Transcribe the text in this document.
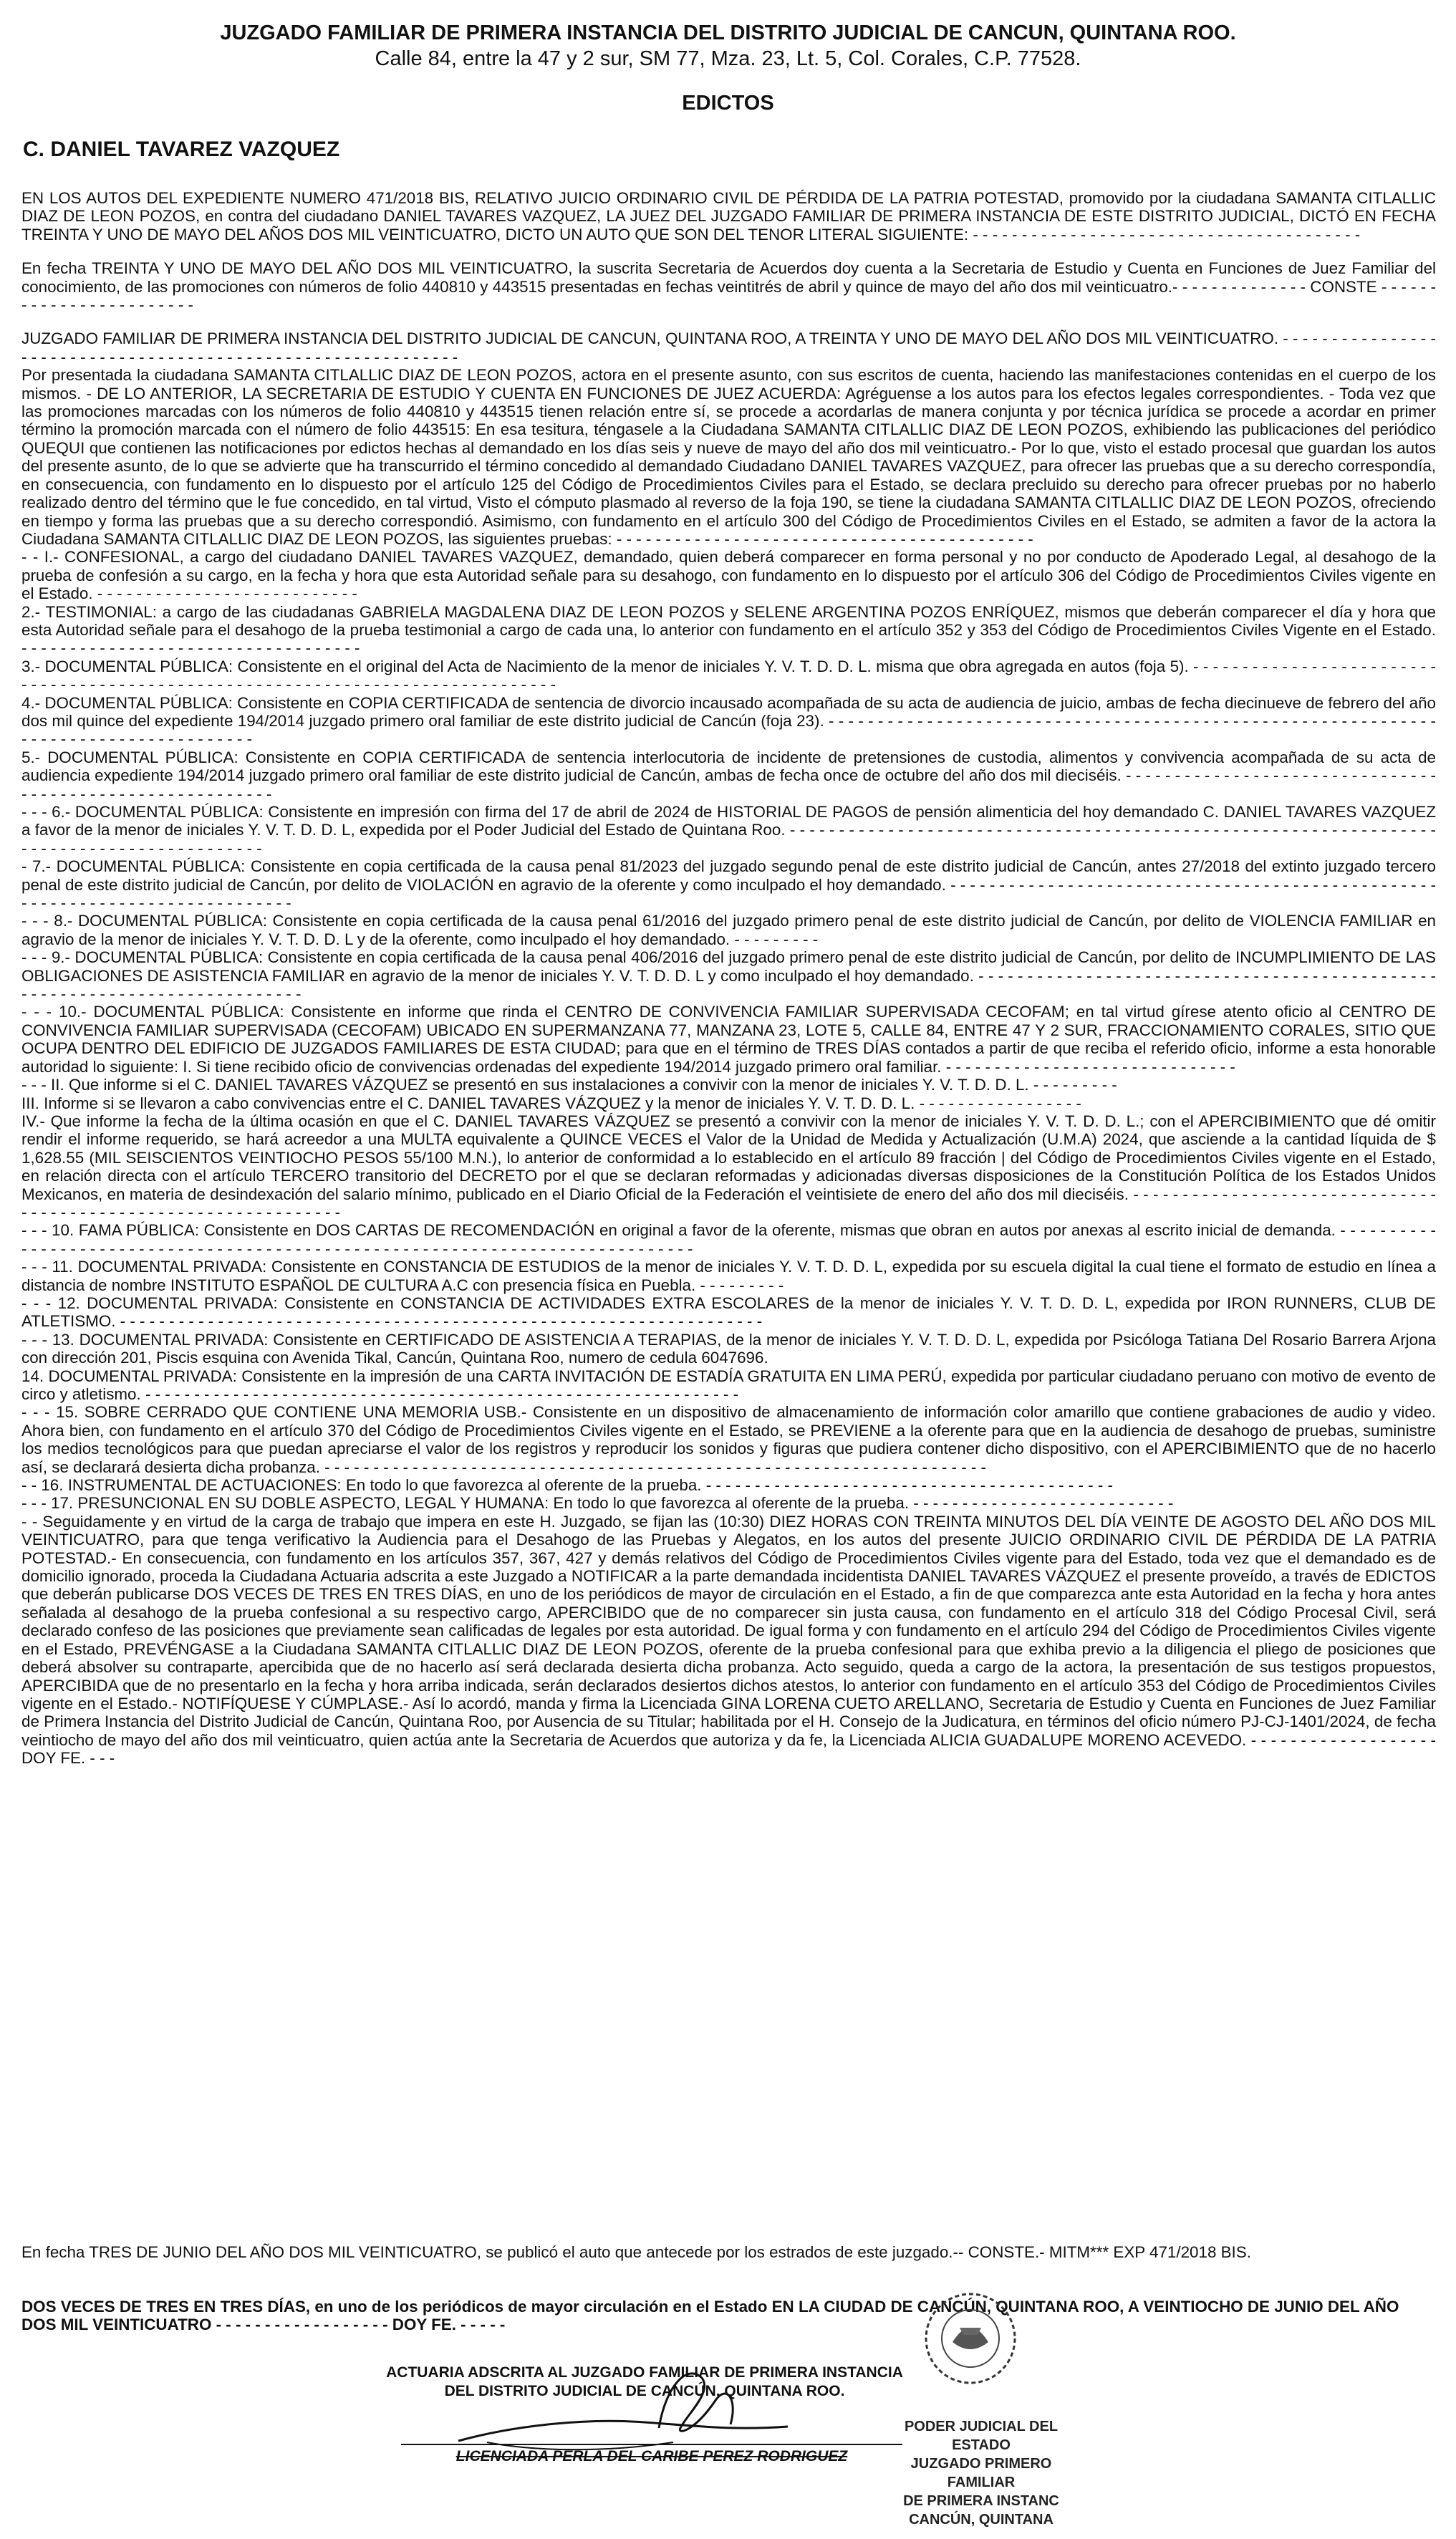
JUZGADO FAMILIAR DE PRIMERA INSTANCIA DEL DISTRITO JUDICIAL DE CANCUN, QUINTANA ROO.
Calle 84, entre la 47 y 2 sur, SM 77, Mza. 23, Lt. 5, Col. Corales, C.P. 77528.
EDICTOS
C. DANIEL TAVAREZ VAZQUEZ

EN LOS AUTOS DEL EXPEDIENTE NUMERO 471/2018 BIS, RELATIVO JUICIO ORDINARIO CIVIL DE PÉRDIDA DE LA PATRIA POTESTAD, promovido por la ciudadana SAMANTA CITLALLIC DIAZ DE LEON POZOS, en contra del ciudadano DANIEL TAVARES VAZQUEZ, LA JUEZ DEL JUZGADO FAMILIAR DE PRIMERA INSTANCIA DE ESTE DISTRITO JUDICIAL, DICTÓ EN FECHA TREINTA Y UNO DE MAYO DEL AÑOS DOS MIL VEINTICUATRO, DICTO UN AUTO QUE SON DEL TENOR LITERAL SIGUIENTE: - - - - - - - - - - - - - - - - - - - - - - - - - - - - - - - - - - - - - - - -

En fecha TREINTA Y UNO DE MAYO DEL AÑO DOS MIL VEINTICUATRO, la suscrita Secretaria de Acuerdos doy cuenta a la Secretaria de Estudio y Cuenta en Funciones de Juez Familiar del conocimiento, de las promociones con números de folio 440810 y 443515 presentadas en fechas veintitrés de abril y quince de mayo del año dos mil veinticuatro.- - - - - - - - - - - - - - CONSTE - - - - - - - - - - - - - - - - - - - - - - - -

JUZGADO FAMILIAR DE PRIMERA INSTANCIA DEL DISTRITO JUDICIAL DE CANCUN, QUINTANA ROO, A TREINTA Y UNO DE MAYO DEL AÑO DOS MIL VEINTICUATRO. - - - - - - - - - - - - - - - - - - - - - - - - - - - - - - - - - - - - - - - - - - - - - - - - - - - - - - - - - - - - -

Por presentada la ciudadana SAMANTA CITLALLIC DIAZ DE LEON POZOS, actora en el presente asunto, con sus escritos de cuenta, haciendo las manifestaciones contenidas en el cuerpo de los mismos. - DE LO ANTERIOR, LA SECRETARIA DE ESTUDIO Y CUENTA EN FUNCIONES DE JUEZ ACUERDA: Agréguense a los autos para los efectos legales correspondientes. - Toda vez que las promociones marcadas con los números de folio 440810 y 443515 tienen relación entre sí, se procede a acordarlas de manera conjunta y por técnica jurídica se procede a acordar en primer término la promoción marcada con el número de folio 443515: En esa tesitura, téngasele a la Ciudadana SAMANTA CITLALLIC DIAZ DE LEON POZOS, exhibiendo las publicaciones del periódico QUEQUI que contienen las notificaciones por edictos hechas al demandado en los días seis y nueve de mayo del año dos mil veinticuatro.- Por lo que, visto el estado procesal que guardan los autos del presente asunto, de lo que se advierte que ha transcurrido el término concedido al demandado Ciudadano DANIEL TAVARES VAZQUEZ, para ofrecer las pruebas que a su derecho correspondía, en consecuencia, con fundamento en lo dispuesto por el artículo 125 del Código de Procedimientos Civiles para el Estado, se declara precluido su derecho para ofrecer pruebas por no haberlo realizado dentro del término que le fue concedido, en tal virtud, Visto el cómputo plasmado al reverso de la foja 190, se tiene la ciudadana SAMANTA CITLALLIC DIAZ DE LEON POZOS, ofreciendo en tiempo y forma las pruebas que a su derecho correspondió. Asimismo, con fundamento en el artículo 300 del Código de Procedimientos Civiles en el Estado, se admiten a favor de la actora la Ciudadana SAMANTA CITLALLIC DIAZ DE LEON POZOS, las siguientes pruebas: - - - - - - - - - - - - - - - - - - - - - - - - - - - - - - - - - - - - - - - - - - -

- - I.- CONFESIONAL, a cargo del ciudadano DANIEL TAVARES VAZQUEZ, demandado, quien deberá comparecer en forma personal y no por conducto de Apoderado Legal, al desahogo de la prueba de confesión a su cargo, en la fecha y hora que esta Autoridad señale para su desahogo, con fundamento en lo dispuesto por el artículo 306 del Código de Procedimientos Civiles vigente en el Estado. - - - - - - - - - - - - - - - - - - - - - - - - - - -

2.- TESTIMONIAL: a cargo de las ciudadanas GABRIELA MAGDALENA DIAZ DE LEON POZOS y SELENE ARGENTINA POZOS ENRÍQUEZ, mismos que deberán comparecer el día y hora que esta Autoridad señale para el desahogo de la prueba testimonial a cargo de cada una, lo anterior con fundamento en el artículo 352 y 353 del Código de Procedimientos Civiles Vigente en el Estado. - - - - - - - - - - - - - - - - - - - - - - - - - - - - - - - - - - -

3.- DOCUMENTAL PÚBLICA: Consistente en el original del Acta de Nacimiento de la menor de iniciales Y. V. T. D. D. L. misma que obra agregada en autos (foja 5). - - - - - - - - - - - - - - - - - - - - - - - - - - - - - - - - - - - - - - - - - - - - - - - - - - - - - - - - - - - - - - - - - - - - - - - - - - - - - - - -

4.- DOCUMENTAL PÚBLICA: Consistente en COPIA CERTIFICADA de sentencia de divorcio incausado acompañada de su acta de audiencia de juicio, ambas de fecha diecinueve de febrero del año dos mil quince del expediente 194/2014 juzgado primero oral familiar de este distrito judicial de Cancún (foja 23). - - - - - - - - - - - - - - - - - - - - - - - - - - - - - - - - - - - - - - - - - - - - - - - - - - - - - - - - - - - - - - - - - - - - - - - - - - - - - - - - - - - - - -

5.- DOCUMENTAL PÚBLICA: Consistente en COPIA CERTIFICADA de sentencia interlocutoria de incidente de pretensiones de custodia, alimentos y convivencia acompañada de su acta de audiencia expediente 194/2014 juzgado primero oral familiar de este distrito judicial de Cancún, ambas de fecha once de octubre del año dos mil dieciséis. - - - - - - - - - - - - - - - - - - - - - - - - - - - - - - - - - - - - - - - - - - - - - - - - - - - - - - - - - -

- - - 6.- DOCUMENTAL PÚBLICA: Consistente en impresión con firma del 17 de abril de 2024 de HISTORIAL DE PAGOS de pensión alimenticia del hoy demandado C. DANIEL TAVARES VAZQUEZ a favor de la menor de iniciales Y. V. T. D. D. L, expedida por el Poder Judicial del Estado de Quintana Roo. - - - - - - - - - - - - - - - - - - - - - - - - - - - - - - - - - - - - - - - - - - - - - - - - - - - - - - - - - - - - - - - - - - - - - - - - - - - - - - - - - - - - - - - - - - -

- 7.- DOCUMENTAL PÚBLICA: Consistente en copia certificada de la causa penal 81/2023 del juzgado segundo penal de este distrito judicial de Cancún, antes 27/2018 del extinto juzgado tercero penal de este distrito judicial de Cancún, por delito de VIOLACIÓN en agravio de la oferente y como inculpado el hoy demandado. - - - - - - - - - - - - - - - - - - - - - - - - - - - - - - - - - - - - - - - - - - - - - - - - - - - - - - - - - - - - - - - - - - - - - - - - - - - - - -

- - - 8.- DOCUMENTAL PÚBLICA: Consistente en copia certificada de la causa penal 61/2016 del juzgado primero penal de este distrito judicial de Cancún, por delito de VIOLENCIA FAMILIAR en agravio de la menor de iniciales Y. V. T. D. D. L y de la oferente, como inculpado el hoy demandado. - - - - - - - - -

- - - 9.- DOCUMENTAL PÚBLICA: Consistente en copia certificada de la causa penal 406/2016 del juzgado primero penal de este distrito judicial de Cancún, por delito de INCUMPLIMIENTO DE LAS OBLIGACIONES DE ASISTENCIA FAMILIAR en agravio de la menor de iniciales Y. V. T. D. D. L y como inculpado el hoy demandado. - - - - - - - - - - - - - - - - - - - - - - - - - - - - - - - - - - - - - - - - - - - - - - - - - - - - - - - - - - - - - - - - - - - - - - - - - - - -

- - - 10.- DOCUMENTAL PÚBLICA: Consistente en informe que rinda el CENTRO DE CONVIVENCIA FAMILIAR SUPERVISADA CECOFAM; en tal virtud gírese atento oficio al CENTRO DE CONVIVENCIA FAMILIAR SUPERVISADA (CECOFAM) UBICADO EN SUPERMANZANA 77, MANZANA 23, LOTE 5, CALLE 84, ENTRE 47 Y 2 SUR, FRACCIONAMIENTO CORALES, SITIO QUE OCUPA DENTRO DEL EDIFICIO DE JUZGADOS FAMILIARES DE ESTA CIUDAD; para que en el término de TRES DÍAS contados a partir de que reciba el referido oficio, informe a esta honorable autoridad lo siguiente: I. Si tiene recibido oficio de convivencias ordenadas del expediente 194/2014 juzgado primero oral familiar. - - - - - - - - - - - - - - - - - - - - - - - - - - - - - -

- - - II. Que informe si el C. DANIEL TAVARES VÁZQUEZ se presentó en sus instalaciones a convivir con la menor de iniciales Y. V. T. D. D. L. - - - - - - - - -

III. Informe si se llevaron a cabo convivencias entre el C. DANIEL TAVARES VÁZQUEZ y la menor de iniciales Y. V. T. D. D. L. - - - - - - - - - - - - - - - - -

IV.- Que informe la fecha de la última ocasión en que el C. DANIEL TAVARES VÁZQUEZ se presentó a convivir con la menor de iniciales Y. V. T. D. D. L.; con el APERCIBIMIENTO que dé omitir rendir el informe requerido, se hará acreedor a una MULTA equivalente a QUINCE VECES el Valor de la Unidad de Medida y Actualización (U.M.A) 2024, que asciende a la cantidad líquida de $ 1,628.55 (MIL SEISCIENTOS VEINTIOCHO PESOS 55/100 M.N.), lo anterior de conformidad a lo establecido en el artículo 89 fracción | del Código de Procedimientos Civiles vigente en el Estado, en relación directa con el artículo TERCERO transitorio del DECRETO por el que se declaran reformadas y adicionadas diversas disposiciones de la Constitución Política de los Estados Unidos Mexicanos, en materia de desindexación del salario mínimo, publicado en el Diario Oficial de la Federación el veintisiete de enero del año dos mil dieciséis. - - - - - - - - - - - - - - - - - - - - - - - - - - - - - - - - - - - - - - - - - - - - - - - - - - - - - - - - - - - - - - - -

- - - 10. FAMA PÚBLICA: Consistente en DOS CARTAS DE RECOMENDACIÓN en original a favor de la oferente, mismas que obran en autos por anexas al escrito inicial de demanda. - - - - - - - - - - - - - - - - - - - - - - - - - - - - - - - - - - - - - - - - - - - - - - - - - - - - - - - - - - - - - - - - - - - - - - - - - - - - - - -

- - - 11. DOCUMENTAL PRIVADA: Consistente en CONSTANCIA DE ESTUDIOS de la menor de iniciales Y. V. T. D. D. L, expedida por su escuela digital la cual tiene el formato de estudio en línea a distancia de nombre INSTITUTO ESPAÑOL DE CULTURA A.C con presencia física en Puebla. - - - - - - - - -

- - - 12. DOCUMENTAL PRIVADA: Consistente en CONSTANCIA DE ACTIVIDADES EXTRA ESCOLARES de la menor de iniciales Y. V. T. D. D. L, expedida por IRON RUNNERS, CLUB DE ATLETISMO. - - - - - - - - - - - - - - - - - - - - - - - - - - - - - - - - - - - - - - - - - - - - - - - - - - - - - - - - - - - - - - - - - -

- - - 13. DOCUMENTAL PRIVADA: Consistente en CERTIFICADO DE ASISTENCIA A TERAPIAS, de la menor de iniciales Y. V. T. D. D. L, expedida por Psicóloga Tatiana Del Rosario Barrera Arjona con dirección 201, Piscis esquina con Avenida Tikal, Cancún, Quintana Roo, numero de cedula 6047696.

14. DOCUMENTAL PRIVADA: Consistente en la impresión de una CARTA INVITACIÓN DE ESTADÍA GRATUITA EN LIMA PERÚ, expedida por particular ciudadano peruano con motivo de evento de circo y atletismo. - - - - - - - - - - - - - - - - - - - - - - - - - - - - - - - - - - - - - - - - - - - - - - - - - - - - - - - - - - - - -

- - - 15. SOBRE CERRADO QUE CONTIENE UNA MEMORIA USB.- Consistente en un dispositivo de almacenamiento de información color amarillo que contiene grabaciones de audio y video. Ahora bien, con fundamento en el artículo 370 del Código de Procedimientos Civiles vigente en el Estado, se PREVIENE a la oferente para que en la audiencia de desahogo de pruebas, suministre los medios tecnológicos para que puedan apreciarse el valor de los registros y reproducir los sonidos y figuras que pudiera contener dicho dispositivo, con el APERCIBIMIENTO que de no hacerlo así, se declarará desierta dicha probanza. - - - - - - - - - - - - - - - - - - - - - - - - - - - - - - - - - - - - - - - - - - - - - - - - - - - - - - - - - - - - - - - - - - - -

- - 16. INSTRUMENTAL DE ACTUACIONES: En todo lo que favorezca al oferente de la prueba. - - - - - - - - - - - - - - - - - - - - - - - - - - - - - - - - - - - - - - - - - -

- - - 17. PRESUNCIONAL EN SU DOBLE ASPECTO, LEGAL Y HUMANA: En todo lo que favorezca al oferente de la prueba. - - - - - - - - - - - - - - - - - - - - - - - - - - -

- - Seguidamente y en virtud de la carga de trabajo que impera en este H. Juzgado, se fijan las (10:30) DIEZ HORAS CON TREINTA MINUTOS DEL DÍA VEINTE DE AGOSTO DEL AÑO DOS MIL VEINTICUATRO, para que tenga verificativo la Audiencia para el Desahogo de las Pruebas y Alegatos, en los autos del presente JUICIO ORDINARIO CIVIL DE PÉRDIDA DE LA PATRIA POTESTAD.- En consecuencia, con fundamento en los artículos 357, 367, 427 y demás relativos del Código de Procedimientos Civiles vigente para del Estado, toda vez que el demandado es de domicilio ignorado, proceda la Ciudadana Actuaria adscrita a este Juzgado a NOTIFICAR a la parte demandada incidentista DANIEL TAVARES VÁZQUEZ el presente proveído, a través de EDICTOS que deberán publicarse DOS VECES DE TRES EN TRES DÍAS, en uno de los periódicos de mayor de circulación en el Estado, a fin de que comparezca ante esta Autoridad en la fecha y hora antes señalada al desahogo de la prueba confesional a su respectivo cargo, APERCIBIDO que de no comparecer sin justa causa, con fundamento en el artículo 318 del Código Procesal Civil, será declarado confeso de las posiciones que previamente sean calificadas de legales por esta autoridad. De igual forma y con fundamento en el artículo 294 del Código de Procedimientos Civiles vigente en el Estado, PREVÉNGASE a la Ciudadana SAMANTA CITLALLIC DIAZ DE LEON POZOS, oferente de la prueba confesional para que exhiba previo a la diligencia el pliego de posiciones que deberá absolver su contraparte, apercibida que de no hacerlo así será declarada desierta dicha probanza. Acto seguido, queda a cargo de la actora, la presentación de sus testigos propuestos, APERCIBIDA que de no presentarlo en la fecha y hora arriba indicada, serán declarados desiertos dichos atestos, lo anterior con fundamento en el artículo 353 del Código de Procedimientos Civiles vigente en el Estado.- NOTIFÍQUESE Y CÚMPLASE.- Así lo acordó, manda y firma la Licenciada GINA LORENA CUETO ARELLANO, Secretaria de Estudio y Cuenta en Funciones de Juez Familiar de Primera Instancia del Distrito Judicial de Cancún, Quintana Roo, por Ausencia de su Titular; habilitada por el H. Consejo de la Judicatura, en términos del oficio número PJ-CJ-1401/2024, de fecha veintiocho de mayo del año dos mil veinticuatro, quien actúa ante la Secretaria de Acuerdos que autoriza y da fe, la Licenciada ALICIA GUADALUPE MORENO ACEVEDO. - - - - - - - - - - - - - - - - - - - DOY FE. - - -

En fecha TRES DE JUNIO DEL AÑO DOS MIL VEINTICUATRO, se publicó el auto que antecede por los estrados de este juzgado.-- CONSTE.- MITM*** EXP 471/2018 BIS.
DOS VECES DE TRES EN TRES DÍAS, en uno de los periódicos de mayor circulación en el Estado EN LA CIUDAD DE CANCÚN, QUINTANA ROO, A VEINTIOCHO DE JUNIO DEL AÑO DOS MIL VEINTICUATRO - - - - - - - - - - - - - - - - - - DOY FE. - - - - -
ACTUARIA ADSCRITA AL JUZGADO FAMILIAR DE PRIMERA INSTANCIA
DEL DISTRITO JUDICIAL DE CANCÚN, QUINTANA ROO.
LICENCIADA PERLA DEL CARIBE PEREZ RODRIGUEZ
PODER JUDICIAL DEL ESTADO
JUZGADO PRIMERO
FAMILIAR
DE PRIMERA INSTANC
CANCÚN, QUINTANA
